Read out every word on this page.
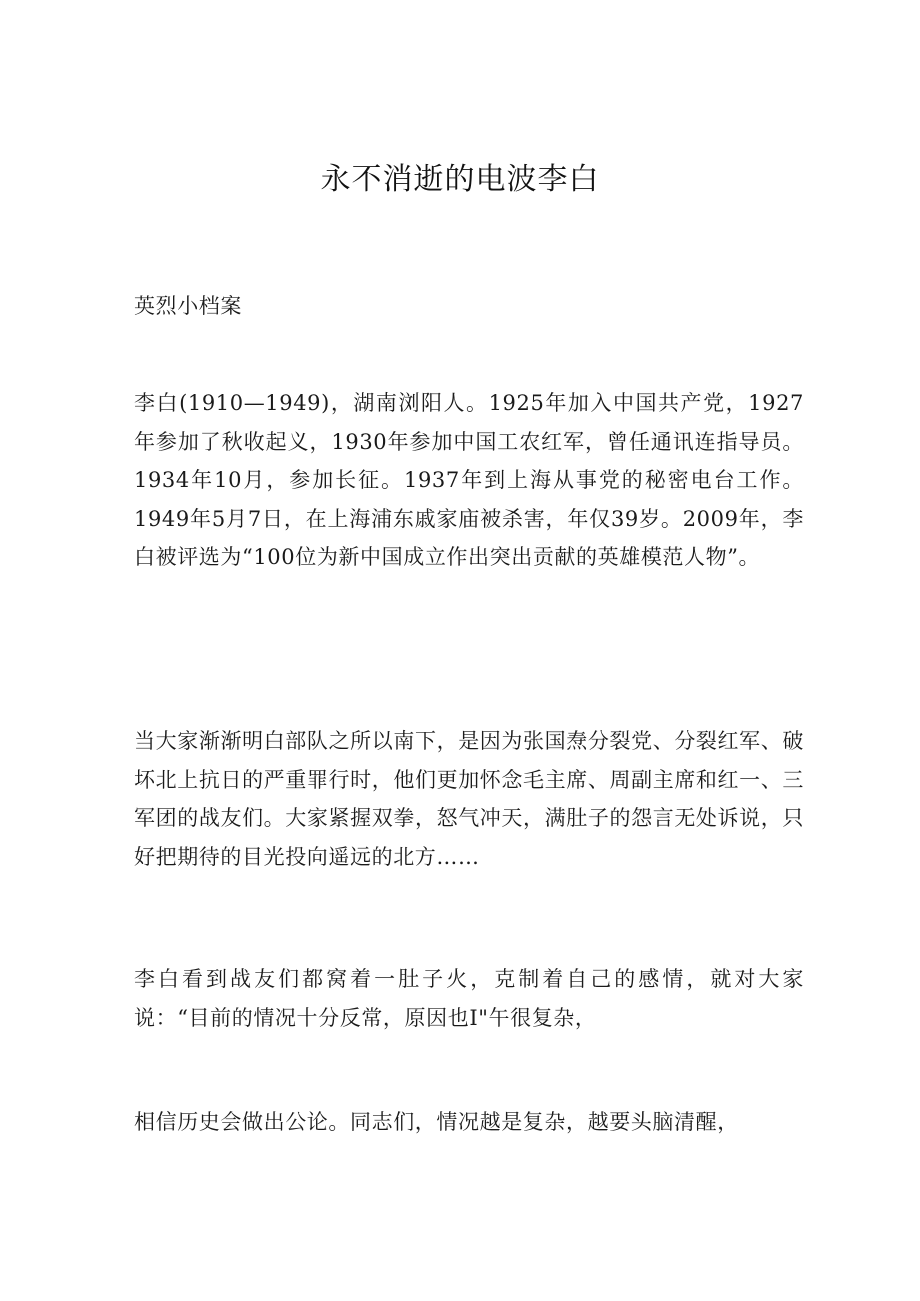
永不消逝的电波李白

英烈小档案

李白(1910—1949)，湖南浏阳人。1925年加入中国共产党，1927年参加了秋收起义，1930年参加中国工农红军，曾任通讯连指导员。1934年10月，参加长征。1937年到上海从事党的秘密电台工作。1949年5月7日，在上海浦东戚家庙被杀害，年仅39岁。2009年，李白被评选为“100位为新中国成立作出突出贡献的英雄模范人物”。

当大家渐渐明白部队之所以南下，是因为张国焘分裂党、分裂红军、破坏北上抗日的严重罪行时，他们更加怀念毛主席、周副主席和红一、三军团的战友们。大家紧握双拳，怒气冲天，满肚子的怨言无处诉说，只好把期待的目光投向遥远的北方……

李白看到战友们都窝着一肚子火，克制着自己的感情，就对大家说：“目前的情况十分反常，原因也I"午很复杂，

相信历史会做出公论。同志们，情况越是复杂，越要头脑清醒，
